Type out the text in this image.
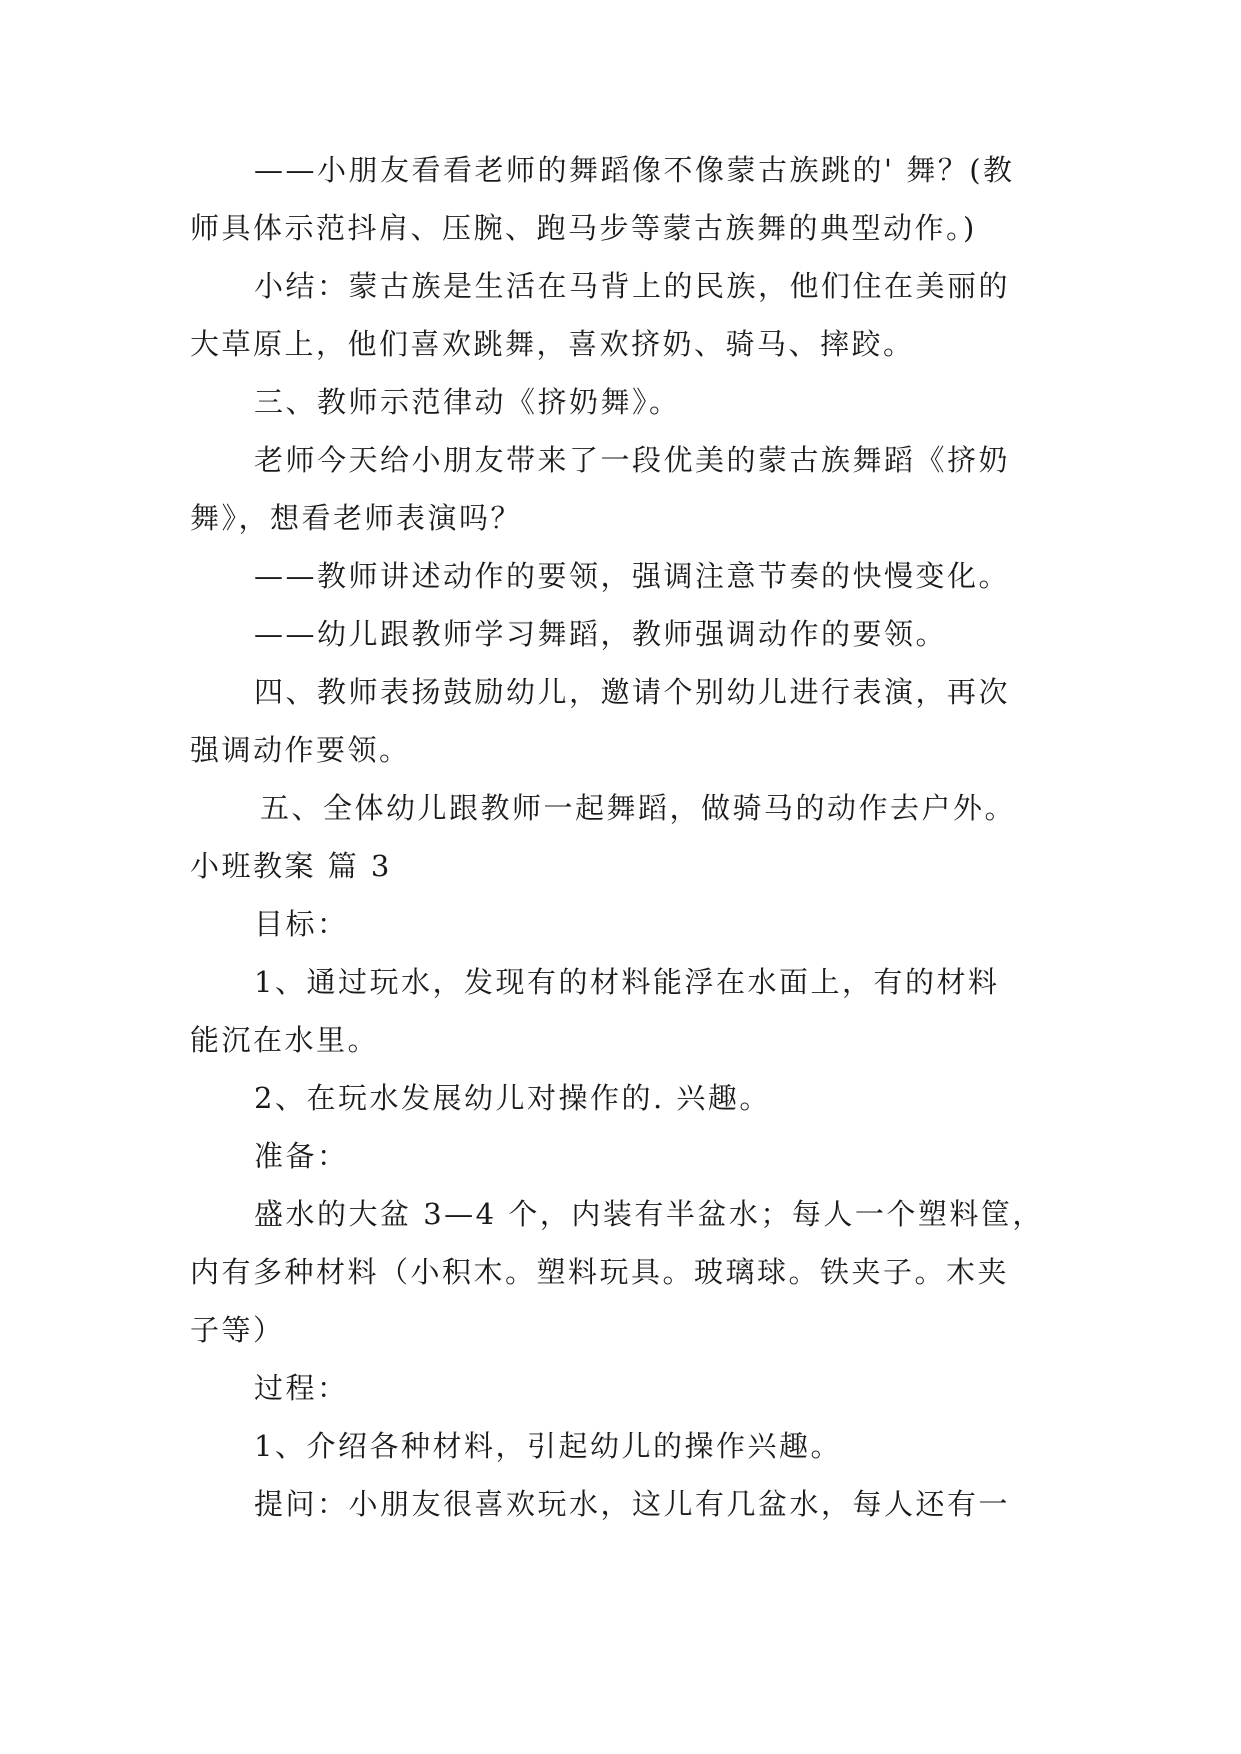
——小朋友看看老师的舞蹈像不像蒙古族跳的' 舞？(教

师具体示范抖肩、压腕、跑马步等蒙古族舞的典型动作。)

小结：蒙古族是生活在马背上的民族，他们住在美丽的

大草原上，他们喜欢跳舞，喜欢挤奶、骑马、摔跤。

三、教师示范律动《挤奶舞》。

老师今天给小朋友带来了一段优美的蒙古族舞蹈《挤奶

舞》，想看老师表演吗？

——教师讲述动作的要领，强调注意节奏的快慢变化。

——幼儿跟教师学习舞蹈，教师强调动作的要领。

四、教师表扬鼓励幼儿，邀请个别幼儿进行表演，再次

强调动作要领。

五、全体幼儿跟教师一起舞蹈，做骑马的动作去户外。

小班教案 篇 3

目标：

1、通过玩水，发现有的材料能浮在水面上，有的材料

能沉在水里。

2、在玩水发展幼儿对操作的. 兴趣。

准备：

盛水的大盆 3—4 个，内装有半盆水；每人一个塑料筐，

内有多种材料（小积木。塑料玩具。玻璃球。铁夹子。木夹

子等）

过程：

1、介绍各种材料，引起幼儿的操作兴趣。

提问：小朋友很喜欢玩水，这儿有几盆水，每人还有一
